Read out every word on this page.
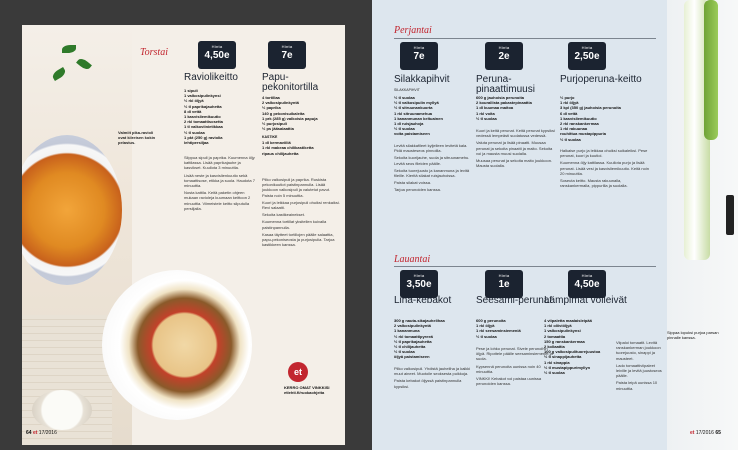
Valmiit pika-ravioli ovat kiireisen kokin pelastus.
Torstai
Hinta
4,50e
Raviolikeitto
1 sipuli
1 valkosipulinkynsi
½ rkl öljyä
½ tl paprikajauhetta
8 dl vettä
1 kasvisliemikuutio
2 rkl tomaattisosetta
1 tl valkoviinietikkaa
½ tl suolaa
1 pkt (250 g) raviolia
lehtipersiljaa

Silppua sipuli ja paprika. Kuumenna öljy kattilassa. Lisää paprikajauhe ja kasvikset. Kuullota 3 minuuttia.

Lisää neste ja kasvislienkuutio sekä tomaattisose, etikka ja suola. Haudota 7 minuuttia.

Nosta kattila. Keitä paketin ohjeen mukaan ravioleja kuumaan keittoon 2 minuuttia. Viimeistele keitto silputulla persiljalla.

Hinta
7e
Papu-pekonitortilla
4 tortillaa
2 valkosipulinkyntä
½ paprika
140 g pekonisuikaleita
1 prk (285 g) valkoisia papuja
½ purjosipuli
½ ps jääsalaattia
KASTIKE
1 dl kermaviiliä
1 rkl makeaa chilikastiketta
ripaus chilijauhetta

Pilko valkosipuli ja paprika. Ruskista pekonikuutiot paistinpannulla. Lisää joukkoon valkosipuli ja valutetut pavut. Paista noin 5 minuuttia.

Kuori ja leikkaa purjosipuli ohuiksi renkaiksi. Revi salaatti.

Sekoita kastikeainekset.

Kuumenna tortillat yksitellen kuivalla paistinpannulla.

Kasaa täytteet tortillojen päälle salaattia, papu-pekoniseosta ja purjosipulia. Tarjoa kastikkeen kanssa.

et
KERRO OMAT VINKKISI etlehti.fi/ruokaohjeita
64 et 17/2016
Sippaa lopuksi purjoa parsan pinnalle kanssa.
Perjantai
Hinta
7e
Silakkapihvit
SILAKKAPIHVIT
½ tl suolaa
½ tl valkosipulin myllyä
½ tl sitruunankuorta
1 rkl sitruunamehua
1 kananmunan keltuainen
1 dl ruisjauhoja
½ tl suolaa
voita paistamiseen

Levitä silakkafileet kyljelleen levitetä kala. Pidä mausteseos pinnoilla.

Sekoita kuorijauhe, suola ja sitruunamehu. Levitä seos fileiden päälle.

Sekoita tuorejuusto ja kananmuna ja levitä fileille. Kieritä silakat ruisjauhoissa.

Paista silakat voissa.

Tarjoa perunoiden kanssa.

Hinta
2e
Peruna-pinaattimuusi
600 g jauhoisia perunoita
2 kourallista pakastepinaattia
1 dl kuumaa maitoa
1 rkl voita
½ tl suolaa

Kuori ja keitä perunat. Keitä perunat kypsiksi vedessä lempeästi suolatussa vedessä.

Valuta perunat ja lisää pinaatti. Muusaa perunat ja sekoita pinaatti ja maito. Sekoita voi ja mausta muusi suolalla.

Muusaa perunat ja sekoita maito joukkoon. Mausta suolalla.

Hinta
2,50e
Purjoperuna-keitto
½ purjo
1 rkl öljyä
3 kpl (350 g) jauhoisia perunoita
6 dl vettä
1 kasvisliemikuutio
2 rkl ranskankermaa
1 rkl rakuunaa
rouhittua mustapippuria
½ tl suolaa

Halkaise purjo ja leikkaa ohuiksi suikaleiksi. Pese perunat, kuori ja kuutioi.

Kuumenna öljy kattilassa. Kuullota purjo ja lisää perunat. Lisää vesi ja kasvisliemikuutio. Keitä noin 20 minuuttia.

Soseuta keitto. Mausta rakuunalla, ranskankermalla, pippurilla ja suolalla.

Lauantai
Hinta
3,50e
Liha-kebakot
300 g nauta-sikajauhelihaa
2 valkosipulinkyntä
1 kananmuna
½ rkl tomaattipyreeä
½ tl paprikajauhetta
½ tl chilijauhetta
½ tl suolaa
öljyä paistamiseen

Pilko valkosipuli. Yhdistä jauheliha ja kaikki muut aineet. Muotoile seoksesta puikkoja.

Paista kebakot öljyssä paistinpannulla kypsiksi.

Hinta
1e
Seesami-perunat
600 g perunoita
1 rkl öljyä
1 rkl seesaminsiemeniä
½ tl suolaa

Pese ja lohko perunat. Sivele perunoihin öljyä. Ripottele päälle seesaminsiemenet ja suola.

Kypsennä perunoita uunissa noin 40 minuuttia.

VINKKI! Kebakot voi paistaa uunissa perunoiden kanssa.

Hinta
4,50e
Lämpimät voileivät
4 viipaletta maalaisleipää
1 rkl oliiviöljyä
1 valkosipulinkynsi
2 tomaattia
150 g ranskankermaa
2 kollaattia
100 g valkosipulituorejuustoa
½ tl sinappijauhetta
1 rkl sinappia
½ tl mustapippurimyllyn
½ tl suolaa

Viipaloi tomaatit. Levitä ranskankerman joukkoon tuorejuusto, sinappi ja mausteet.

Lado tomaattiviipaleet leiville ja levitä juustoseos päälle.

Paista leipä uunissa 10 minuuttia.

et 17/2016 65
